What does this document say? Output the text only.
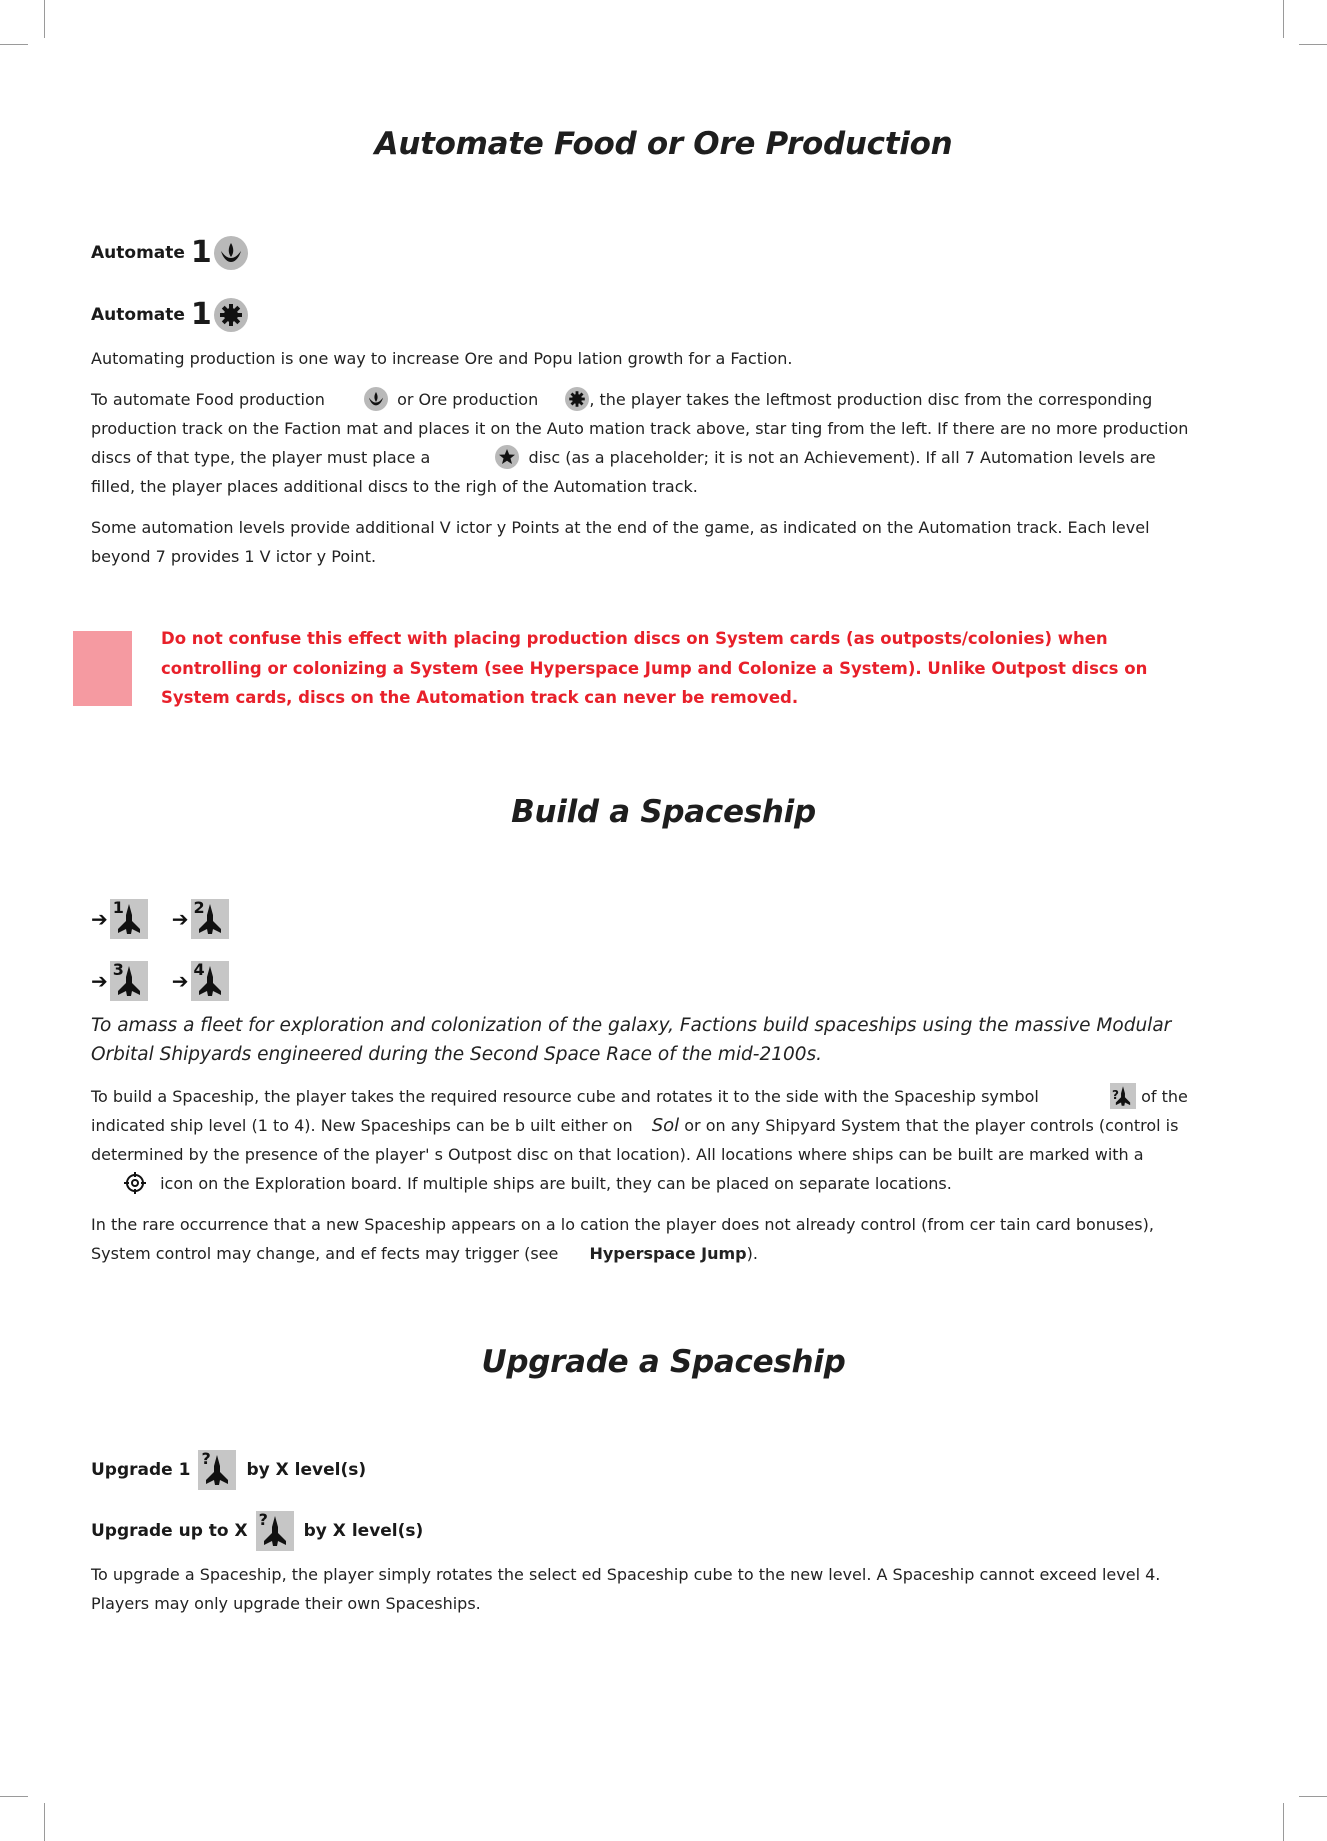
Automate Food or Ore Production
Automate 1
Automate 1

Automating production is one way to increase Ore and Popu lation growth for a Faction.

To automate Food production	or Ore production	, the player takes the leftmost production disc from the corresponding production track on the Faction mat and places it on the Auto mation track above, star ting from the left. If there are no more production discs of that type, the player must place a	disc (as a placeholder; it is not an Achievement). If all 7 Automation levels are filled, the player places additional discs to the righ of the Automation track.

Some automation levels provide additional V ictor y Points at the end of the game, as indicated on the Automation track. Each level beyond 7 provides 1 V ictor y Point.

Do not confuse this effect with placing production discs on System cards (as outposts/colonies) when controlling or colonizing a System (see Hyperspace Jump and Colonize a System). Unlike Outpost discs on System cards, discs on the Automation track can never be removed.

Build a Spaceship
➔ 1 ➔ 2
➔ 3 ➔ 4

To amass a fleet for exploration and colonization of the galaxy, Factions build spaceships using the massive Modular Orbital Shipyards engineered during the Second Space Race of the mid-2100s.

To build a Spaceship, the player takes the required resource cube and rotates it to the side with the Spaceship symbol	? of the indicated ship level (1 to 4). New Spaceships can be b uilt either on Sol or on any Shipyard System that the player controls (control is determined by the presence of the player' s Outpost disc on that location). All locations where ships can be built are marked with a
icon on the Exploration board. If multiple ships are built, they can be placed on separate locations.

In the rare occurrence that a new Spaceship appears on a lo cation the player does not already control (from cer tain card bonuses), System control may change, and ef fects may trigger (see Hyperspace Jump).

Upgrade a Spaceship
Upgrade 1
?
by X level(s)
Upgrade up to X
?
by X level(s)

To upgrade a Spaceship, the player simply rotates the select ed Spaceship cube to the new level. A Spaceship cannot exceed level 4. Players may only upgrade their own Spaceships.
